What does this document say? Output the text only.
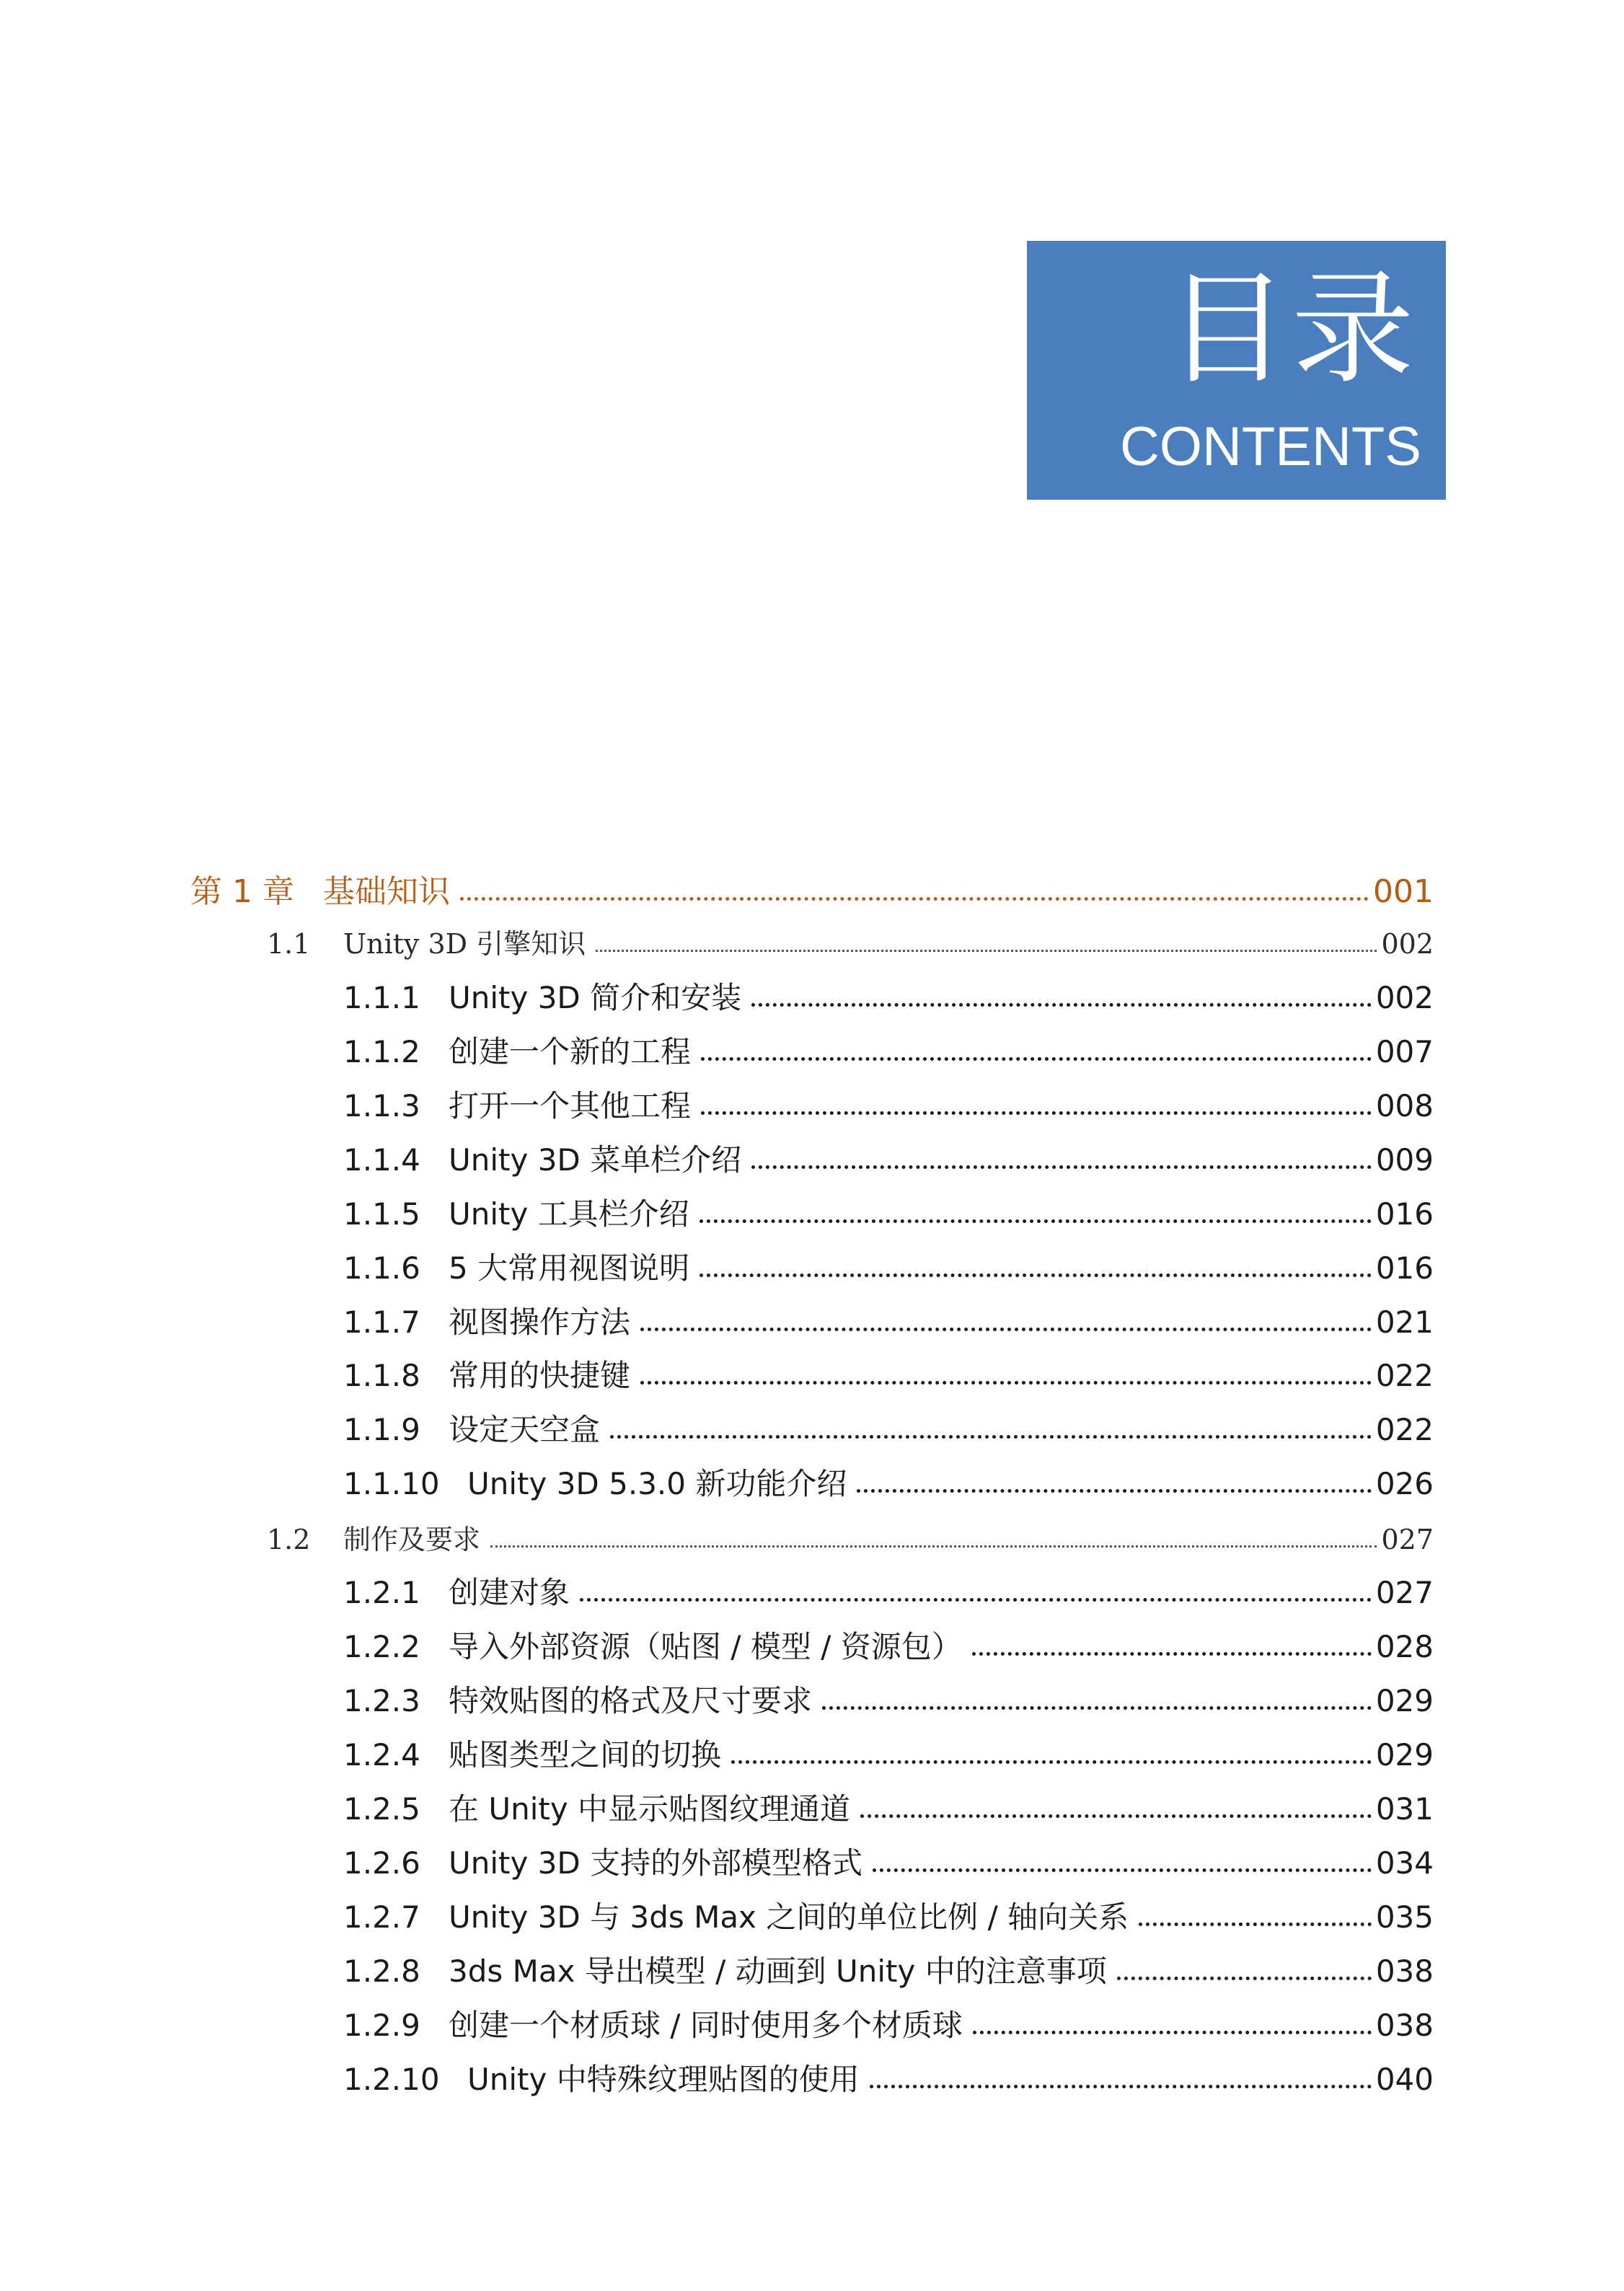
目录
CONTENTS
第 1 章 基础知识	001
1.1	Unity 3D 引擎知识	002
1.1.1 Unity 3D 简介和安装	002
1.1.2 创建一个新的工程	007
1.1.3 打开一个其他工程	008
1.1.4 Unity 3D 菜单栏介绍	009
1.1.5 Unity 工具栏介绍	016
1.1.6 5 大常用视图说明	016
1.1.7 视图操作方法	021
1.1.8 常用的快捷键	022
1.1.9 设定天空盒	022
1.1.10 Unity 3D 5.3.0 新功能介绍	026
1.2	制作及要求	027
1.2.1 创建对象	027
1.2.2 导入外部资源（贴图 / 模型 / 资源包）	028
1.2.3 特效贴图的格式及尺寸要求	029
1.2.4 贴图类型之间的切换	029
1.2.5 在 Unity 中显示贴图纹理通道	031
1.2.6 Unity 3D 支持的外部模型格式	034
1.2.7 Unity 3D 与 3ds Max 之间的单位比例 / 轴向关系	035
1.2.8 3ds Max 导出模型 / 动画到 Unity 中的注意事项	038
1.2.9 创建一个材质球 / 同时使用多个材质球	038
1.2.10 Unity 中特殊纹理贴图的使用	040
